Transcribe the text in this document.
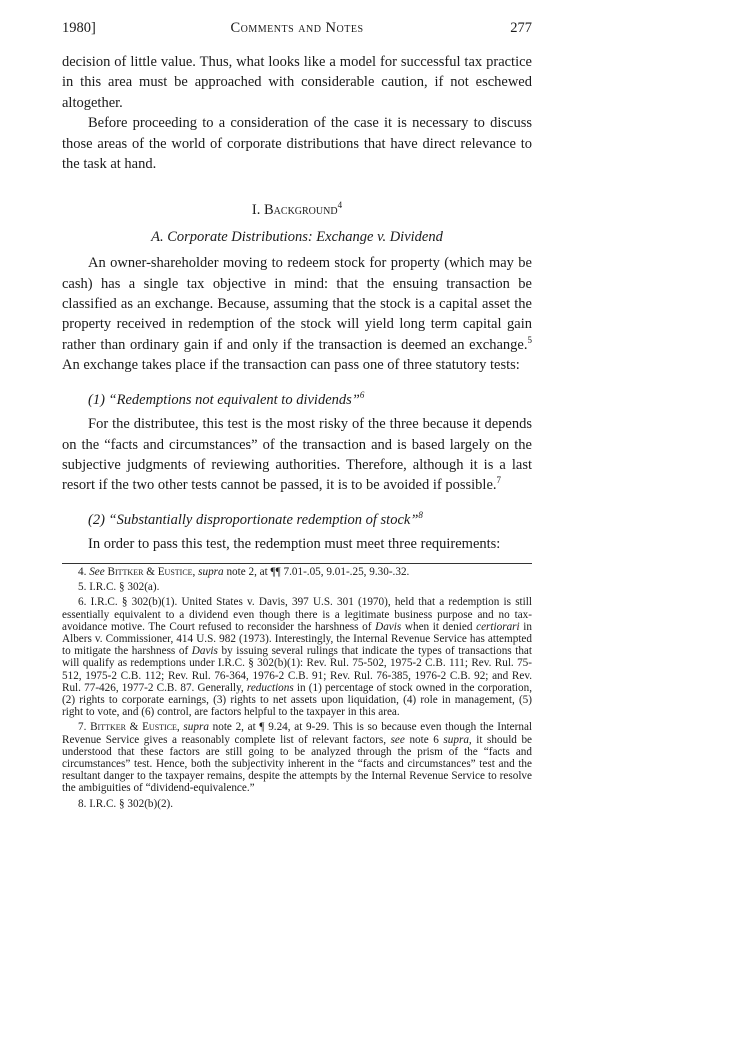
1980]	Comments and Notes	277

decision of little value. Thus, what looks like a model for successful tax practice in this area must be approached with considerable caution, if not eschewed altogether.

Before proceeding to a consideration of the case it is necessary to discuss those areas of the world of corporate distributions that have direct relevance to the task at hand.

I. Background$^4$

A. Corporate Distributions: Exchange v. Dividend

An owner-shareholder moving to redeem stock for property (which may be cash) has a single tax objective in mind: that the ensuing transaction be classified as an exchange. Because, assuming that the stock is a capital asset the property received in redemption of the stock will yield long term capital gain rather than ordinary gain if and only if the transaction is deemed an exchange.$^5$ An exchange takes place if the transaction can pass one of three statutory tests:

(1) “Redemptions not equivalent to dividends”$^6$

For the distributee, this test is the most risky of the three because it depends on the “facts and circumstances” of the transaction and is based largely on the subjective judgments of reviewing authorities. Therefore, although it is a last resort if the two other tests cannot be passed, it is to be avoided if possible.$^7$

(2) “Substantially disproportionate redemption of stock”$^8$

In order to pass this test, the redemption must meet three requirements:

4. See Bittker & Eustice, supra note 2, at ¶¶ 7.01-.05, 9.01-.25, 9.30-.32.

5. I.R.C. § 302(a).

6. I.R.C. § 302(b)(1). United States v. Davis, 397 U.S. 301 (1970), held that a redemption is still essentially equivalent to a dividend even though there is a legitimate business purpose and no tax-avoidance motive. The Court refused to reconsider the harshness of Davis when it denied certiorari in Albers v. Commissioner, 414 U.S. 982 (1973). Interestingly, the Internal Revenue Service has attempted to mitigate the harshness of Davis by issuing several rulings that indicate the types of transactions that will qualify as redemptions under I.R.C. § 302(b)(1): Rev. Rul. 75-502, 1975-2 C.B. 111; Rev. Rul. 75-512, 1975-2 C.B. 112; Rev. Rul. 76-364, 1976-2 C.B. 91; Rev. Rul. 76-385, 1976-2 C.B. 92; and Rev. Rul. 77-426, 1977-2 C.B. 87. Generally, reductions in (1) percentage of stock owned in the corporation, (2) rights to corporate earnings, (3) rights to net assets upon liquidation, (4) role in management, (5) right to vote, and (6) control, are factors helpful to the taxpayer in this area.

7. Bittker & Eustice, supra note 2, at ¶ 9.24, at 9-29. This is so because even though the Internal Revenue Service gives a reasonably complete list of relevant factors, see note 6 supra, it should be understood that these factors are still going to be analyzed through the prism of the “facts and circumstances” test. Hence, both the subjectivity inherent in the “facts and circumstances” test and the resultant danger to the taxpayer remains, despite the attempts by the Internal Revenue Service to resolve the ambiguities of “dividend-equivalence.”

8. I.R.C. § 302(b)(2).
